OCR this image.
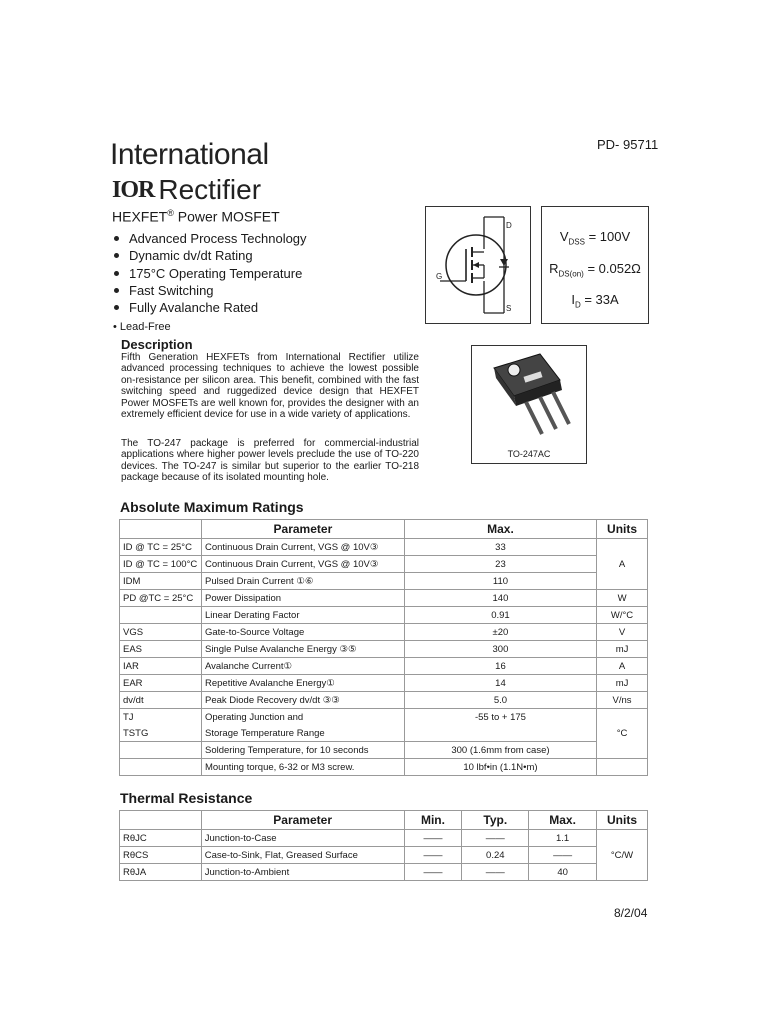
PD- 95711
International
IOR Rectifier
HEXFET® Power MOSFET
Advanced Process Technology
Dynamic dv/dt Rating
175°C Operating Temperature
Fast Switching
Fully Avalanche Rated
• Lead-Free
Description
Fifth Generation HEXFETs from International Rectifier utilize advanced processing techniques to achieve the lowest possible on-resistance per silicon area. This benefit, combined with the fast switching speed and ruggedized device design that HEXFET Power MOSFETs are well known for, provides the designer with an extremely efficient device for use in a wide variety of applications.
The TO-247 package is preferred for commercial-industrial applications where higher power levels preclude the use of TO-220 devices. The TO-247 is similar but superior to the earlier TO-218 package because of its isolated mounting hole.
D
G
S
$V_{DSS} = 100V$
$R_{DS(on)} = 0.052\Omega$
$I_D = 33A$
TO-247AC
Absolute Maximum Ratings
	Parameter	Max.	Units
ID @ TC = 25°C	Continuous Drain Current, VGS @ 10V③	33	A
ID @ TC = 100°C	Continuous Drain Current, VGS @ 10V③	23	
IDM	Pulsed Drain Current ①⑥	110	
PD @TC = 25°C	Power Dissipation	140	W
	Linear Derating Factor	0.91	W/°C
VGS	Gate-to-Source Voltage	±20	V
EAS	Single Pulse Avalanche Energy ③⑤	300	mJ
IAR	Avalanche Current①	16	A
EAR	Repetitive Avalanche Energy①	14	mJ
dv/dt	Peak Diode Recovery dv/dt ③③	5.0	V/ns
TJ	Operating Junction and	-55 to + 175	°C
TSTG	Storage Temperature Range		
	Soldering Temperature, for 10 seconds	300 (1.6mm from case)	
	Mounting torque, 6-32 or M3 screw.	10 lbf•in (1.1N•m)	
Thermal Resistance
	Parameter	Min.	Typ.	Max.	Units
RθJC	Junction-to-Case	——	——	1.1	°C/W
RθCS	Case-to-Sink, Flat, Greased Surface	——	0.24	——	
RθJA	Junction-to-Ambient	——	——	40	
8/2/04
